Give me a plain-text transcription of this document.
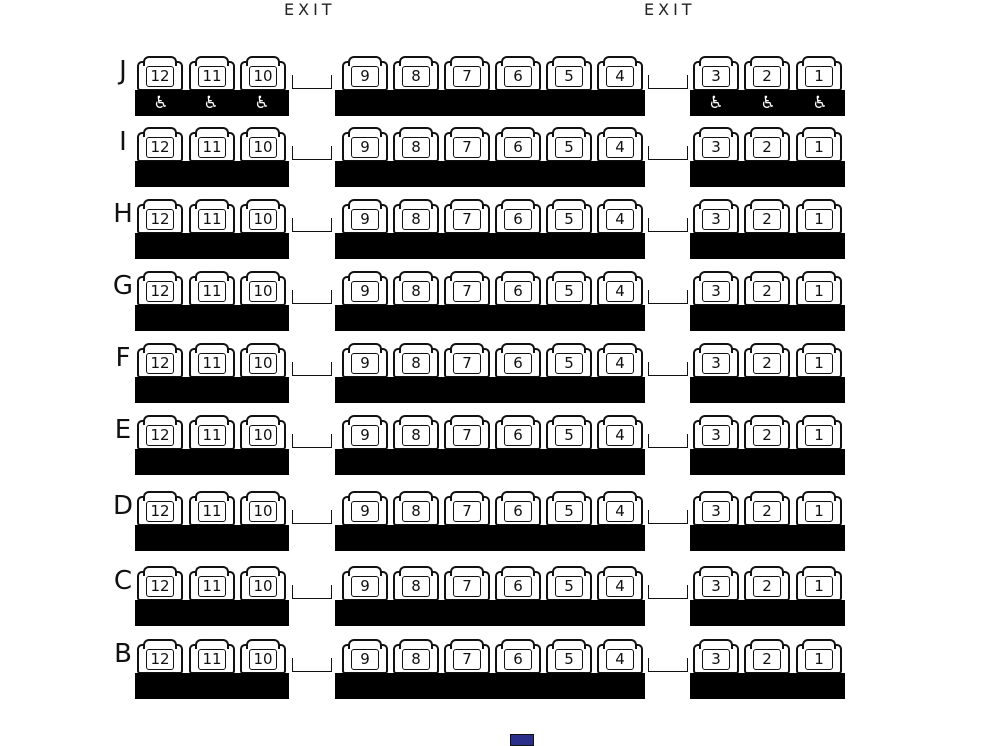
EXIT	EXIT
J	12 11 10	9	8	7	6	5	4	3	2	1
♿ ♿ ♿	♿ ♿ ♿
I	12 11 10	9	8	7	6	5	4	3	2	1
H	12 11 10	9	8	7	6	5	4	3	2	1
G	12 11 10	9	8	7	6	5	4	3	2	1
F	12 11 10	9	8	7	6	5	4	3	2	1
E	12 11 10	9	8	7	6	5	4	3	2	1
D	12 11 10	9	8	7	6	5	4	3	2	1
C	12 11 10	9	8	7	6	5	4	3	2	1
B	12 11 10	9	8	7	6	5	4	3	2	1
